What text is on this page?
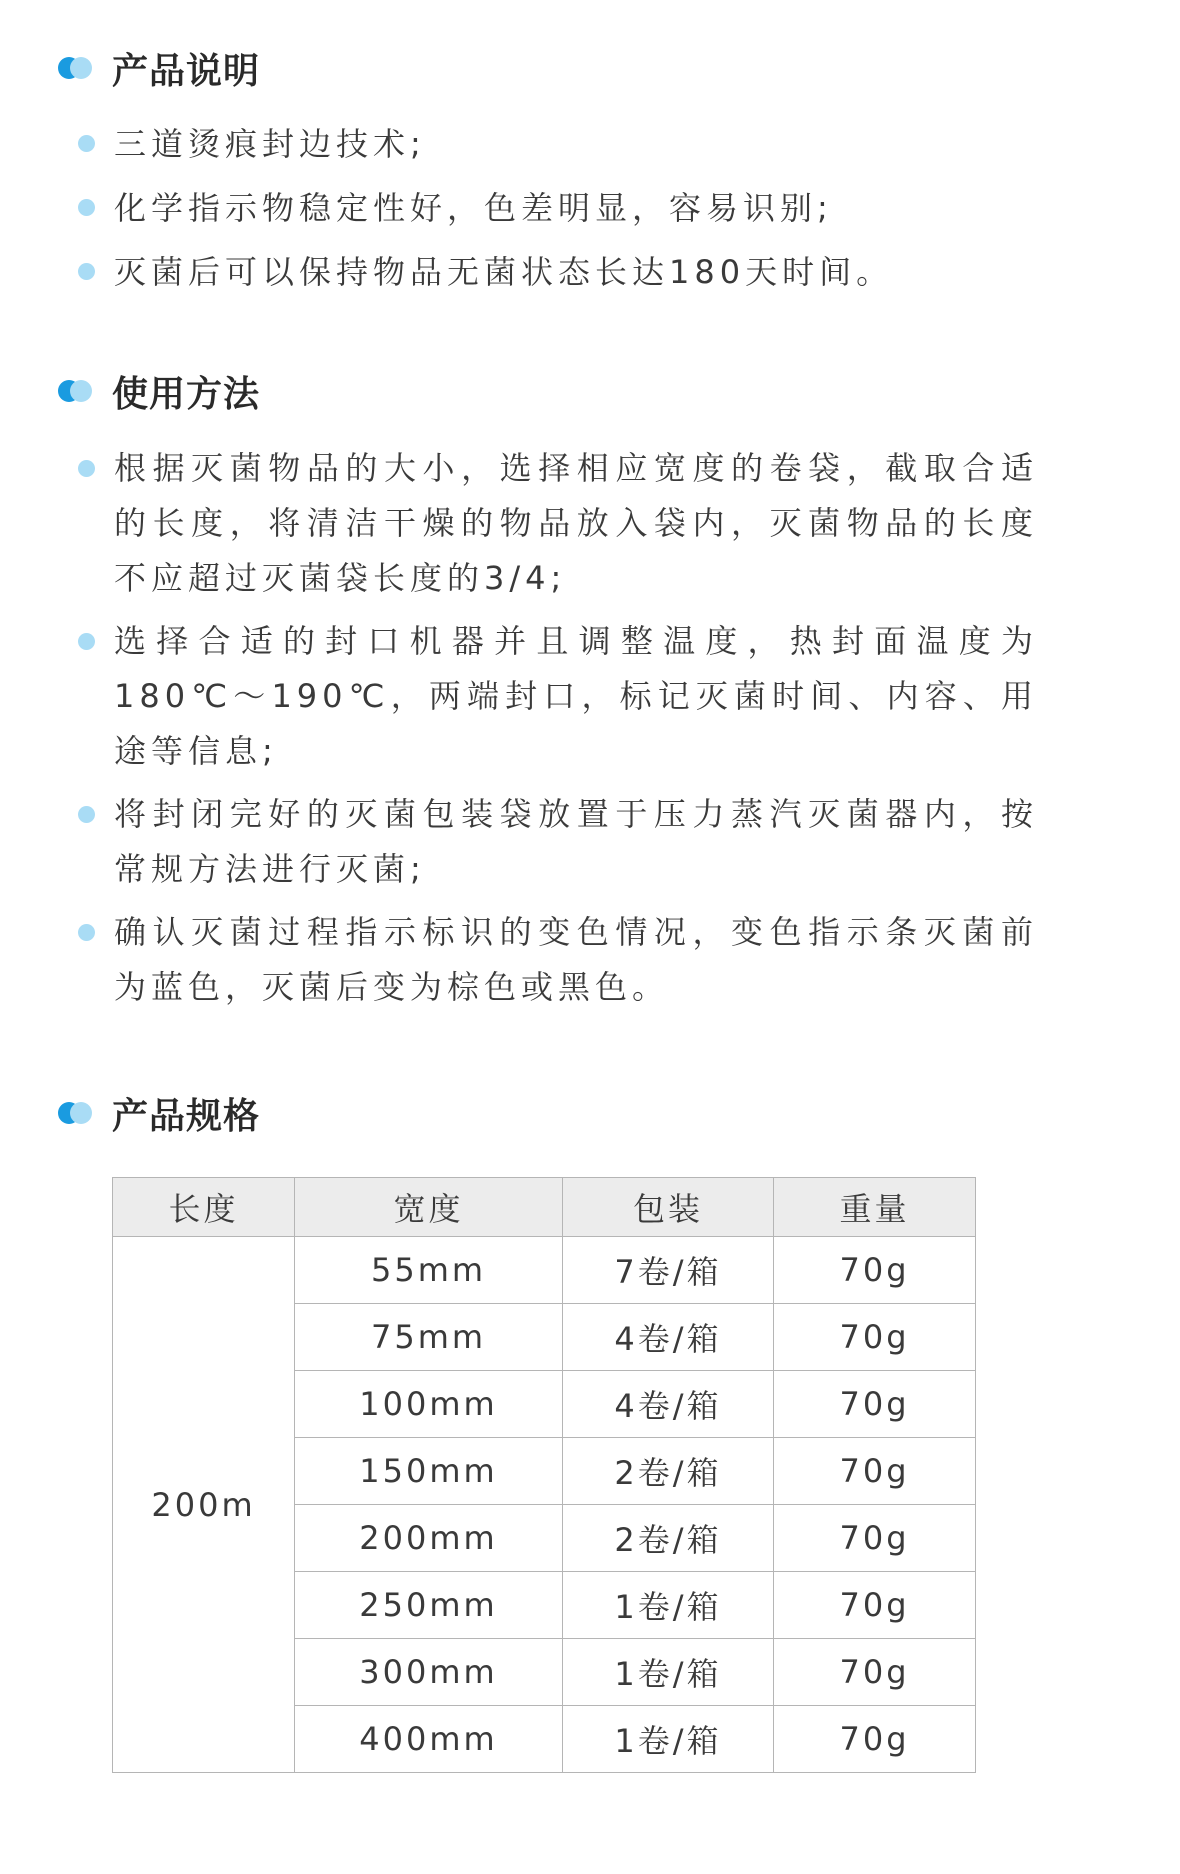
产品说明
三道烫痕封边技术;
化学指示物稳定性好，色差明显，容易识别;
灭菌后可以保持物品无菌状态长达180天时间。
使用方法
根据灭菌物品的大小，选择相应宽度的卷袋，截取合适的长度，将清洁干燥的物品放入袋内，灭菌物品的长度不应超过灭菌袋长度的3/4;
选择合适的封口机器并且调整温度，热封面温度为180℃～190℃，两端封口，标记灭菌时间、内容、用途等信息;
将封闭完好的灭菌包装袋放置于压力蒸汽灭菌器内，按常规方法进行灭菌;
确认灭菌过程指示标识的变色情况，变色指示条灭菌前为蓝色，灭菌后变为棕色或黑色。
产品规格
长度	宽度	包装	重量
200m	55mm	7卷/箱	70g
	75mm	4卷/箱	70g
	100mm	4卷/箱	70g
	150mm	2卷/箱	70g
	200mm	2卷/箱	70g
	250mm	1卷/箱	70g
	300mm	1卷/箱	70g
	400mm	1卷/箱	70g
